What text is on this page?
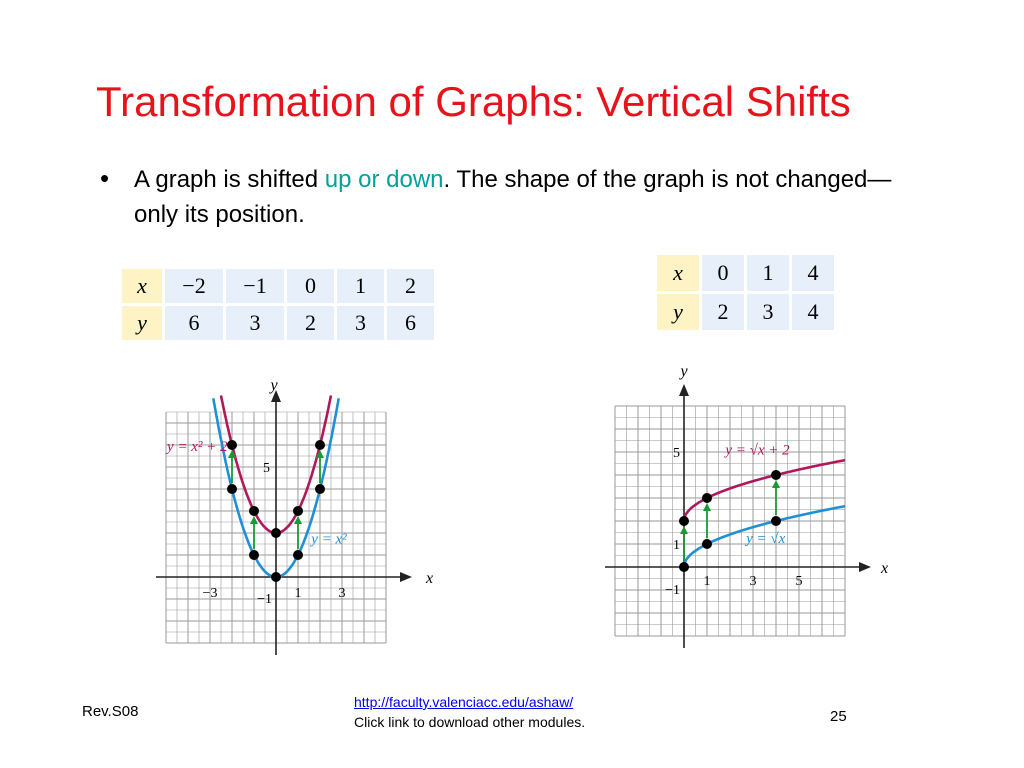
Transformation of Graphs: Vertical Shifts
• A graph is shifted up or down. The shape of the graph is not changed—only its position.
x	−2	−1	0	1	2
y	6	3	2	3	6
x	0	1	4
y	2	3	4
x
y
−3	1	3
5
−1
y = x² + 2
y = x²
x
y
1	3	5
5
1
−1
y = √x + 2
y = √x
Rev.S08
http://faculty.valenciacc.edu/ashaw/
Click link to download other modules.	25
